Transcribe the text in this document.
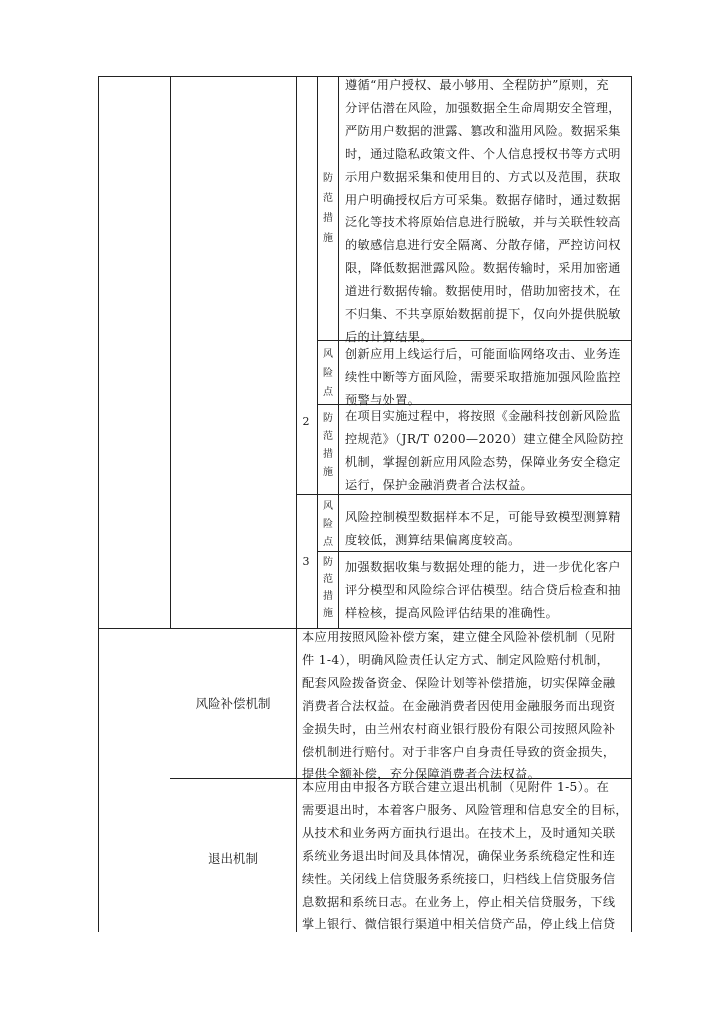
防
范
措
施
遵循“用户授权、最小够用、全程防护”原则，充
分评估潜在风险，加强数据全生命周期安全管理，
严防用户数据的泄露、篡改和滥用风险。数据采集
时，通过隐私政策文件、个人信息授权书等方式明
示用户数据采集和使用目的、方式以及范围，获取
用户明确授权后方可采集。数据存储时，通过数据
泛化等技术将原始信息进行脱敏，并与关联性较高
的敏感信息进行安全隔离、分散存储，严控访问权
限，降低数据泄露风险。数据传输时，采用加密通
道进行数据传输。数据使用时，借助加密技术，在
不归集、不共享原始数据前提下，仅向外提供脱敏
后的计算结果。
2
风
险
点
创新应用上线运行后，可能面临网络攻击、业务连
续性中断等方面风险，需要采取措施加强风险监控
预警与处置。
防
范
措
施
在项目实施过程中，将按照《金融科技创新风险监
控规范》（JR/T 0200—2020）建立健全风险防控
机制，掌握创新应用风险态势，保障业务安全稳定
运行，保护金融消费者合法权益。
3
风
险
点
风险控制模型数据样本不足，可能导致模型测算精
度较低，测算结果偏离度较高。
防
范
措
施
加强数据收集与数据处理的能力，进一步优化客户
评分模型和风险综合评估模型。结合贷后检查和抽
样检核，提高风险评估结果的准确性。
风险补偿机制
本应用按照风险补偿方案，建立健全风险补偿机制（见附
件 1-4），明确风险责任认定方式、制定风险赔付机制，
配套风险拨备资金、保险计划等补偿措施，切实保障金融
消费者合法权益。在金融消费者因使用金融服务而出现资
金损失时，由兰州农村商业银行股份有限公司按照风险补
偿机制进行赔付。对于非客户自身责任导致的资金损失，
提供全额补偿，充分保障消费者合法权益。
退出机制
本应用由申报各方联合建立退出机制（见附件 1-5）。在
需要退出时，本着客户服务、风险管理和信息安全的目标，
从技术和业务两方面执行退出。在技术上，及时通知关联
系统业务退出时间及具体情况，确保业务系统稳定性和连
续性。关闭线上信贷服务系统接口，归档线上信贷服务信
息数据和系统日志。在业务上，停止相关信贷服务，下线
掌上银行、微信银行渠道中相关信贷产品，停止线上信贷
